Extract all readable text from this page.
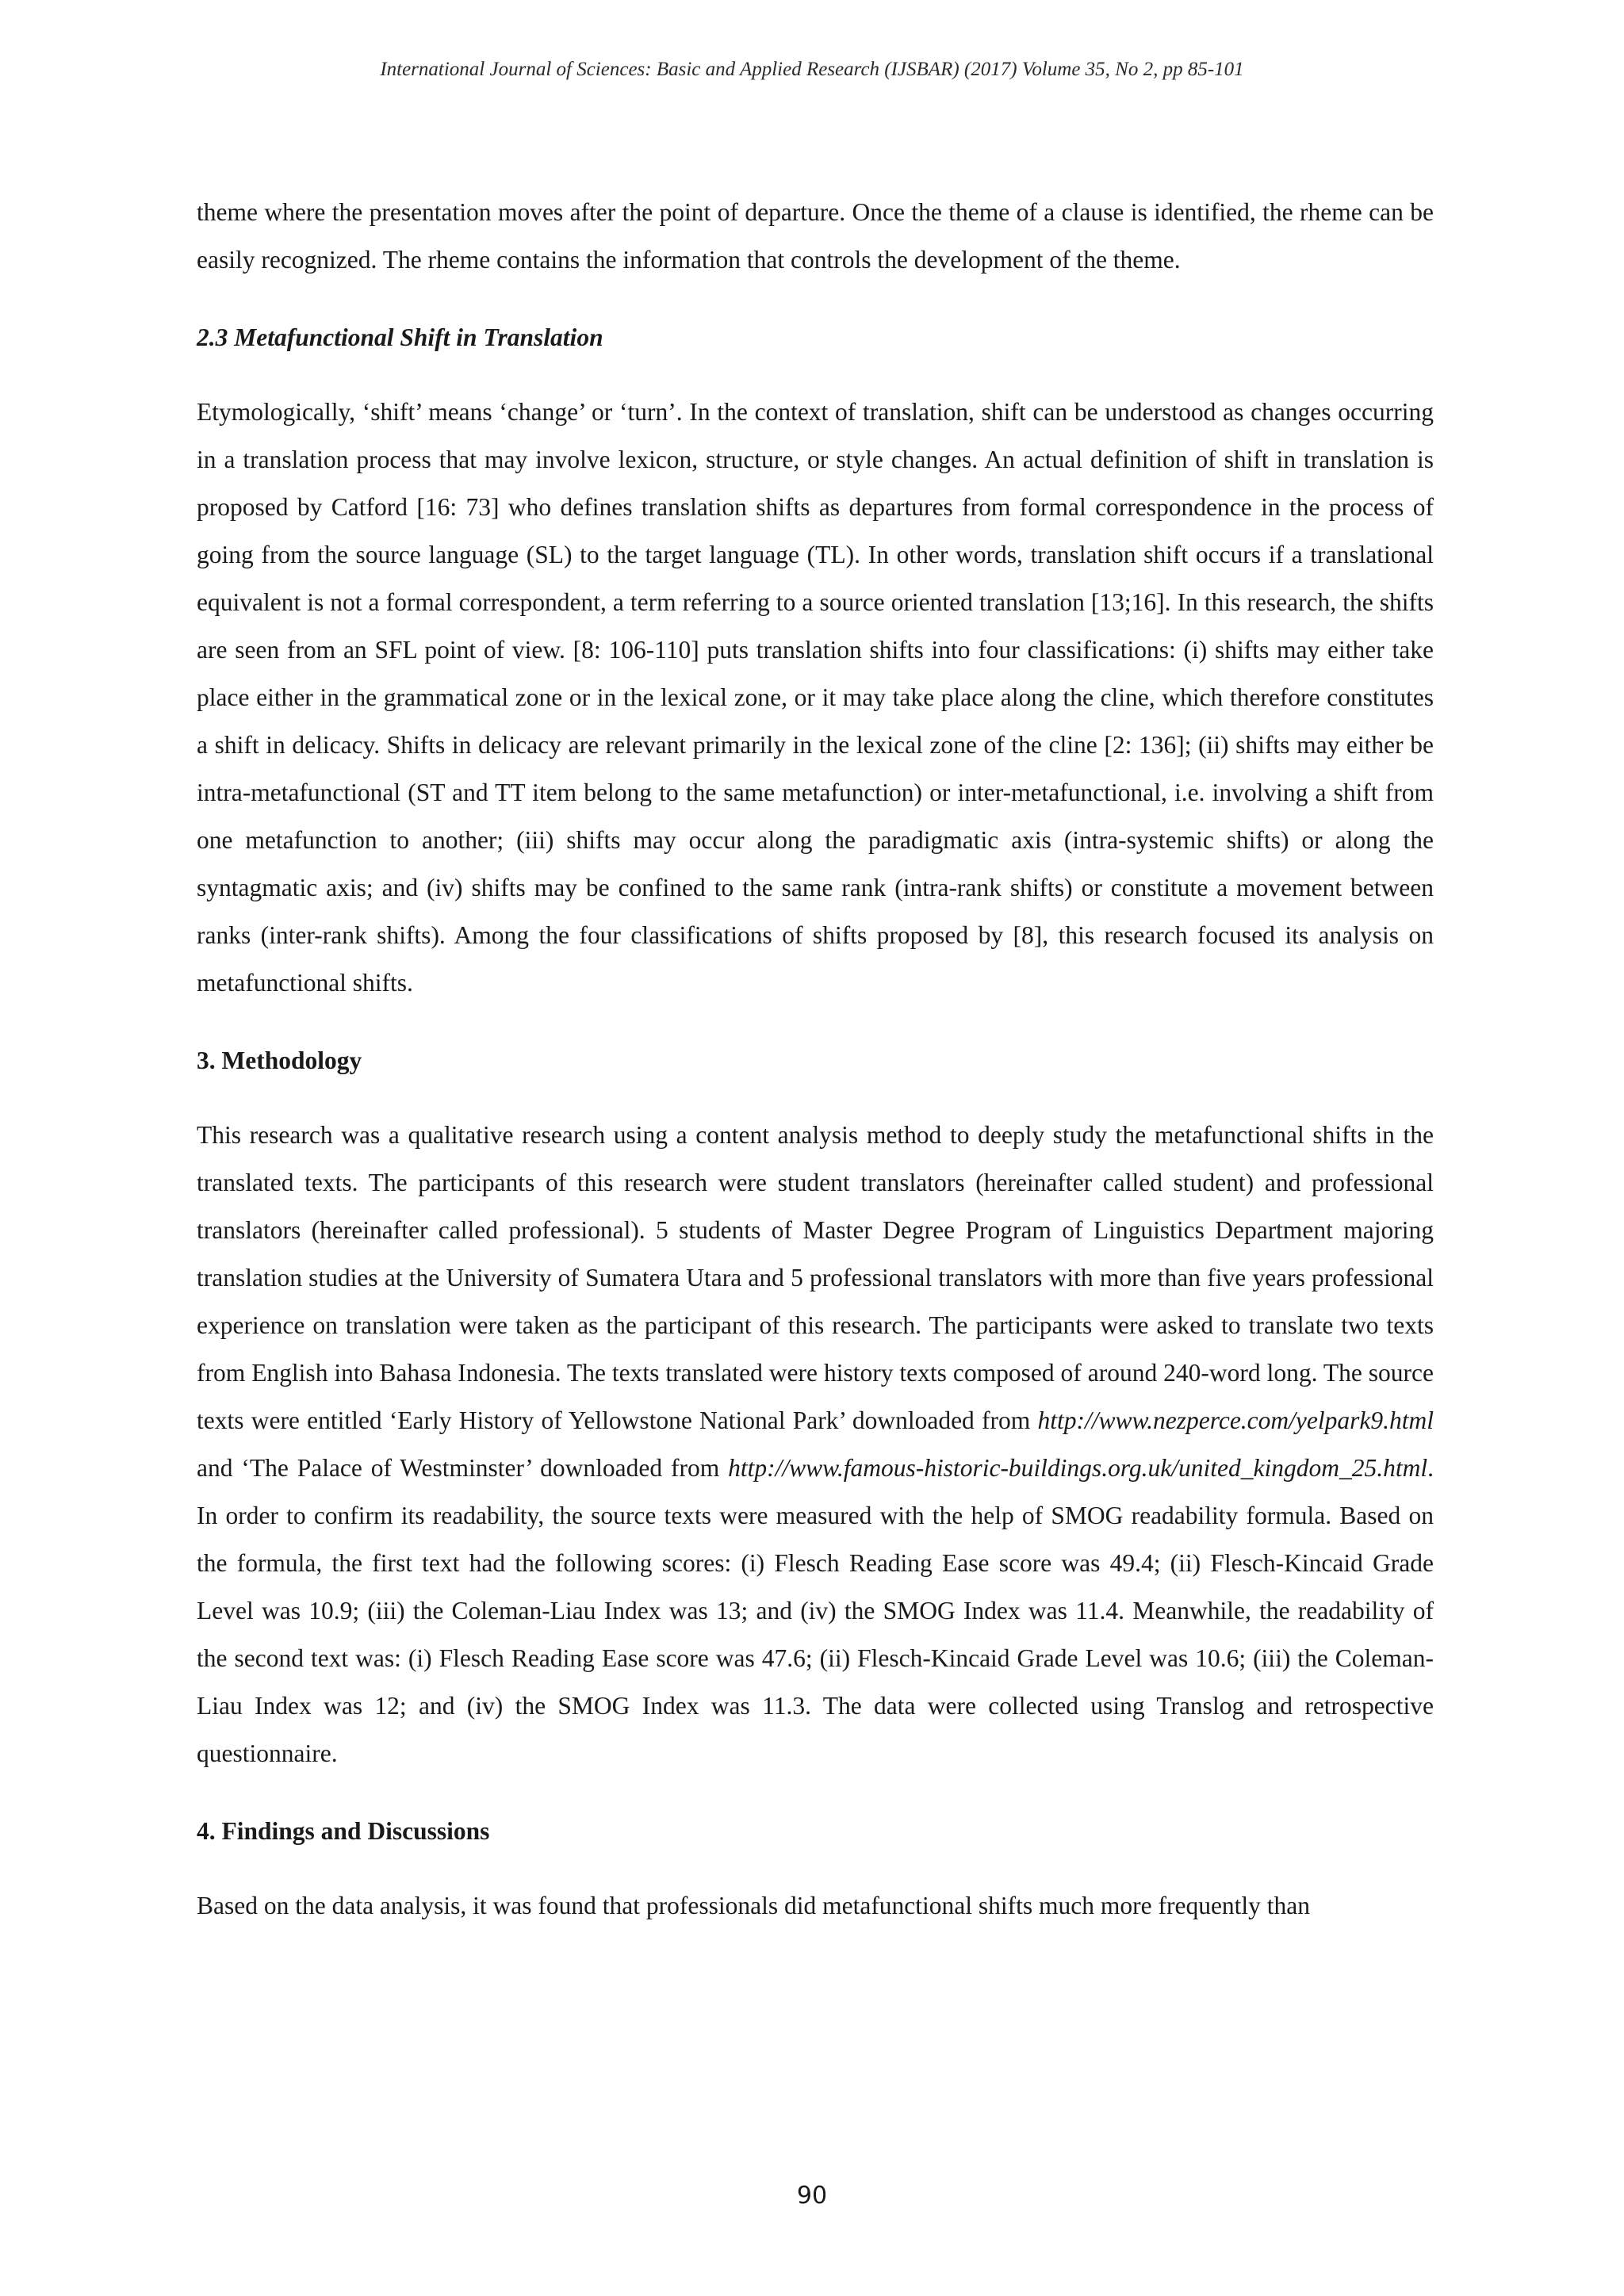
International Journal of Sciences: Basic and Applied Research (IJSBAR) (2017) Volume 35, No 2, pp 85-101

theme where the presentation moves after the point of departure. Once the theme of a clause is identified, the rheme can be easily recognized. The rheme contains the information that controls the development of the theme.

2.3 Metafunctional Shift in Translation

Etymologically, ‘shift’ means ‘change’ or ‘turn’. In the context of translation, shift can be understood as changes occurring in a translation process that may involve lexicon, structure, or style changes. An actual definition of shift in translation is proposed by Catford [16: 73] who defines translation shifts as departures from formal correspondence in the process of going from the source language (SL) to the target language (TL). In other words, translation shift occurs if a translational equivalent is not a formal correspondent, a term referring to a source oriented translation [13;16]. In this research, the shifts are seen from an SFL point of view. [8: 106-110] puts translation shifts into four classifications: (i) shifts may either take place either in the grammatical zone or in the lexical zone, or it may take place along the cline, which therefore constitutes a shift in delicacy. Shifts in delicacy are relevant primarily in the lexical zone of the cline [2: 136]; (ii) shifts may either be intra-metafunctional (ST and TT item belong to the same metafunction) or inter-metafunctional, i.e. involving a shift from one metafunction to another; (iii) shifts may occur along the paradigmatic axis (intra-systemic shifts) or along the syntagmatic axis; and (iv) shifts may be confined to the same rank (intra-rank shifts) or constitute a movement between ranks (inter-rank shifts). Among the four classifications of shifts proposed by [8], this research focused its analysis on metafunctional shifts.

3. Methodology

This research was a qualitative research using a content analysis method to deeply study the metafunctional shifts in the translated texts. The participants of this research were student translators (hereinafter called student) and professional translators (hereinafter called professional). 5 students of Master Degree Program of Linguistics Department majoring translation studies at the University of Sumatera Utara and 5 professional translators with more than five years professional experience on translation were taken as the participant of this research. The participants were asked to translate two texts from English into Bahasa Indonesia. The texts translated were history texts composed of around 240-word long. The source texts were entitled ‘Early History of Yellowstone National Park’ downloaded from http://www.nezperce.com/yelpark9.html and ‘The Palace of Westminster’ downloaded from http://www.famous-historic-buildings.org.uk/united_kingdom_25.html. In order to confirm its readability, the source texts were measured with the help of SMOG readability formula. Based on the formula, the first text had the following scores: (i) Flesch Reading Ease score was 49.4; (ii) Flesch-Kincaid Grade Level was 10.9; (iii) the Coleman-Liau Index was 13; and (iv) the SMOG Index was 11.4. Meanwhile, the readability of the second text was: (i) Flesch Reading Ease score was 47.6; (ii) Flesch-Kincaid Grade Level was 10.6; (iii) the Coleman-Liau Index was 12; and (iv) the SMOG Index was 11.3. The data were collected using Translog and retrospective questionnaire.

4. Findings and Discussions

Based on the data analysis, it was found that professionals did metafunctional shifts much more frequently than

90
